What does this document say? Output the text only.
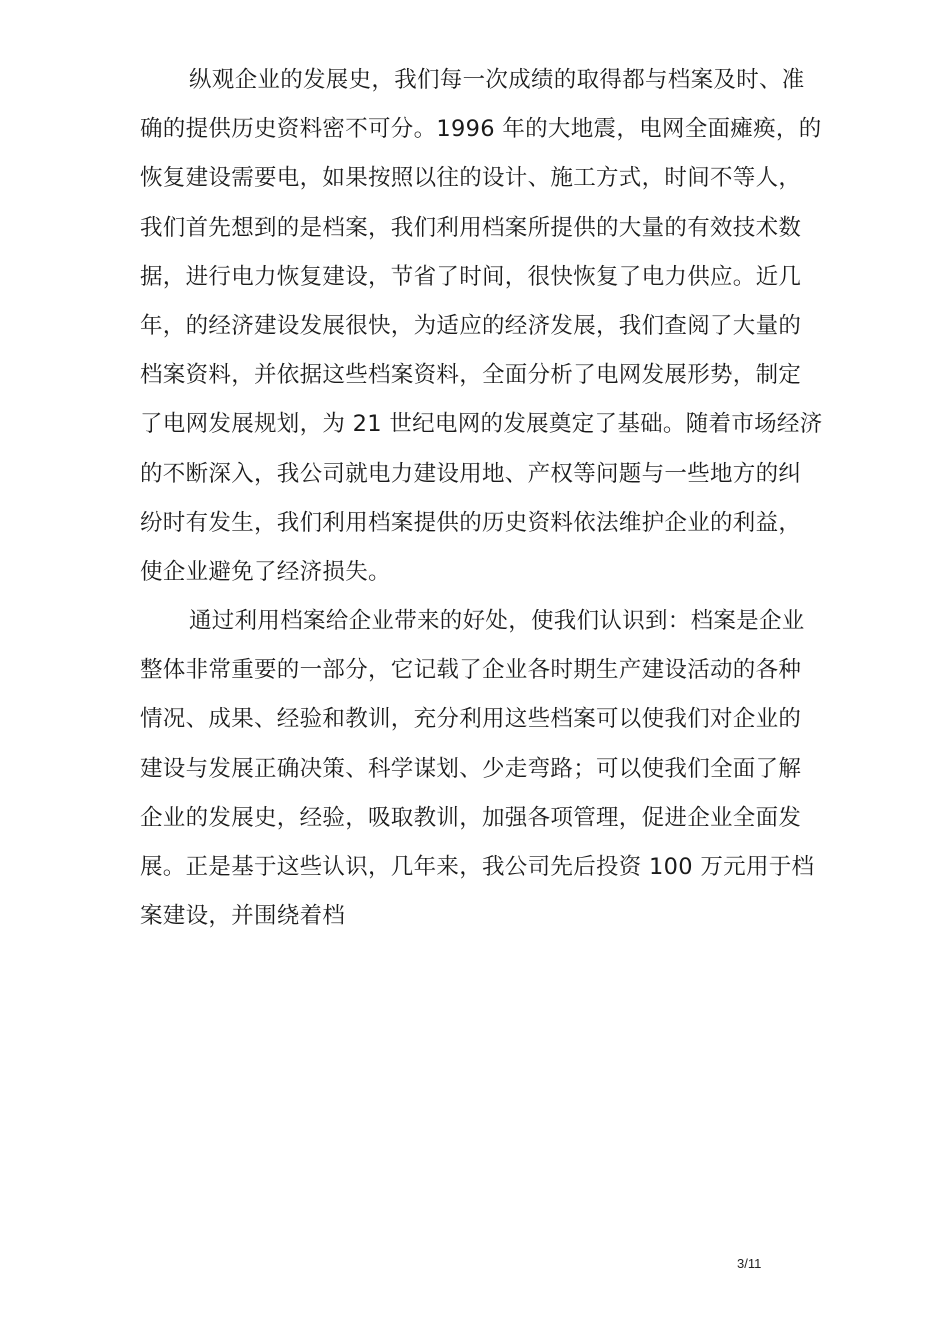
纵观企业的发展史，我们每一次成绩的取得都与档案及时、准
确的提供历史资料密不可分。1996 年的大地震，电网全面瘫痪，的
恢复建设需要电，如果按照以往的设计、施工方式，时间不等人，
我们首先想到的是档案，我们利用档案所提供的大量的有效技术数
据，进行电力恢复建设，节省了时间，很快恢复了电力供应。近几
年，的经济建设发展很快，为适应的经济发展，我们查阅了大量的
档案资料，并依据这些档案资料，全面分析了电网发展形势，制定
了电网发展规划，为 21 世纪电网的发展奠定了基础。随着市场经济
的不断深入，我公司就电力建设用地、产权等问题与一些地方的纠
纷时有发生，我们利用档案提供的历史资料依法维护企业的利益，
使企业避免了经济损失。
通过利用档案给企业带来的好处，使我们认识到：档案是企业
整体非常重要的一部分，它记载了企业各时期生产建设活动的各种
情况、成果、经验和教训，充分利用这些档案可以使我们对企业的
建设与发展正确决策、科学谋划、少走弯路；可以使我们全面了解
企业的发展史，经验，吸取教训，加强各项管理，促进企业全面发
展。正是基于这些认识，几年来，我公司先后投资 100 万元用于档
案建设，并围绕着档
3/11
